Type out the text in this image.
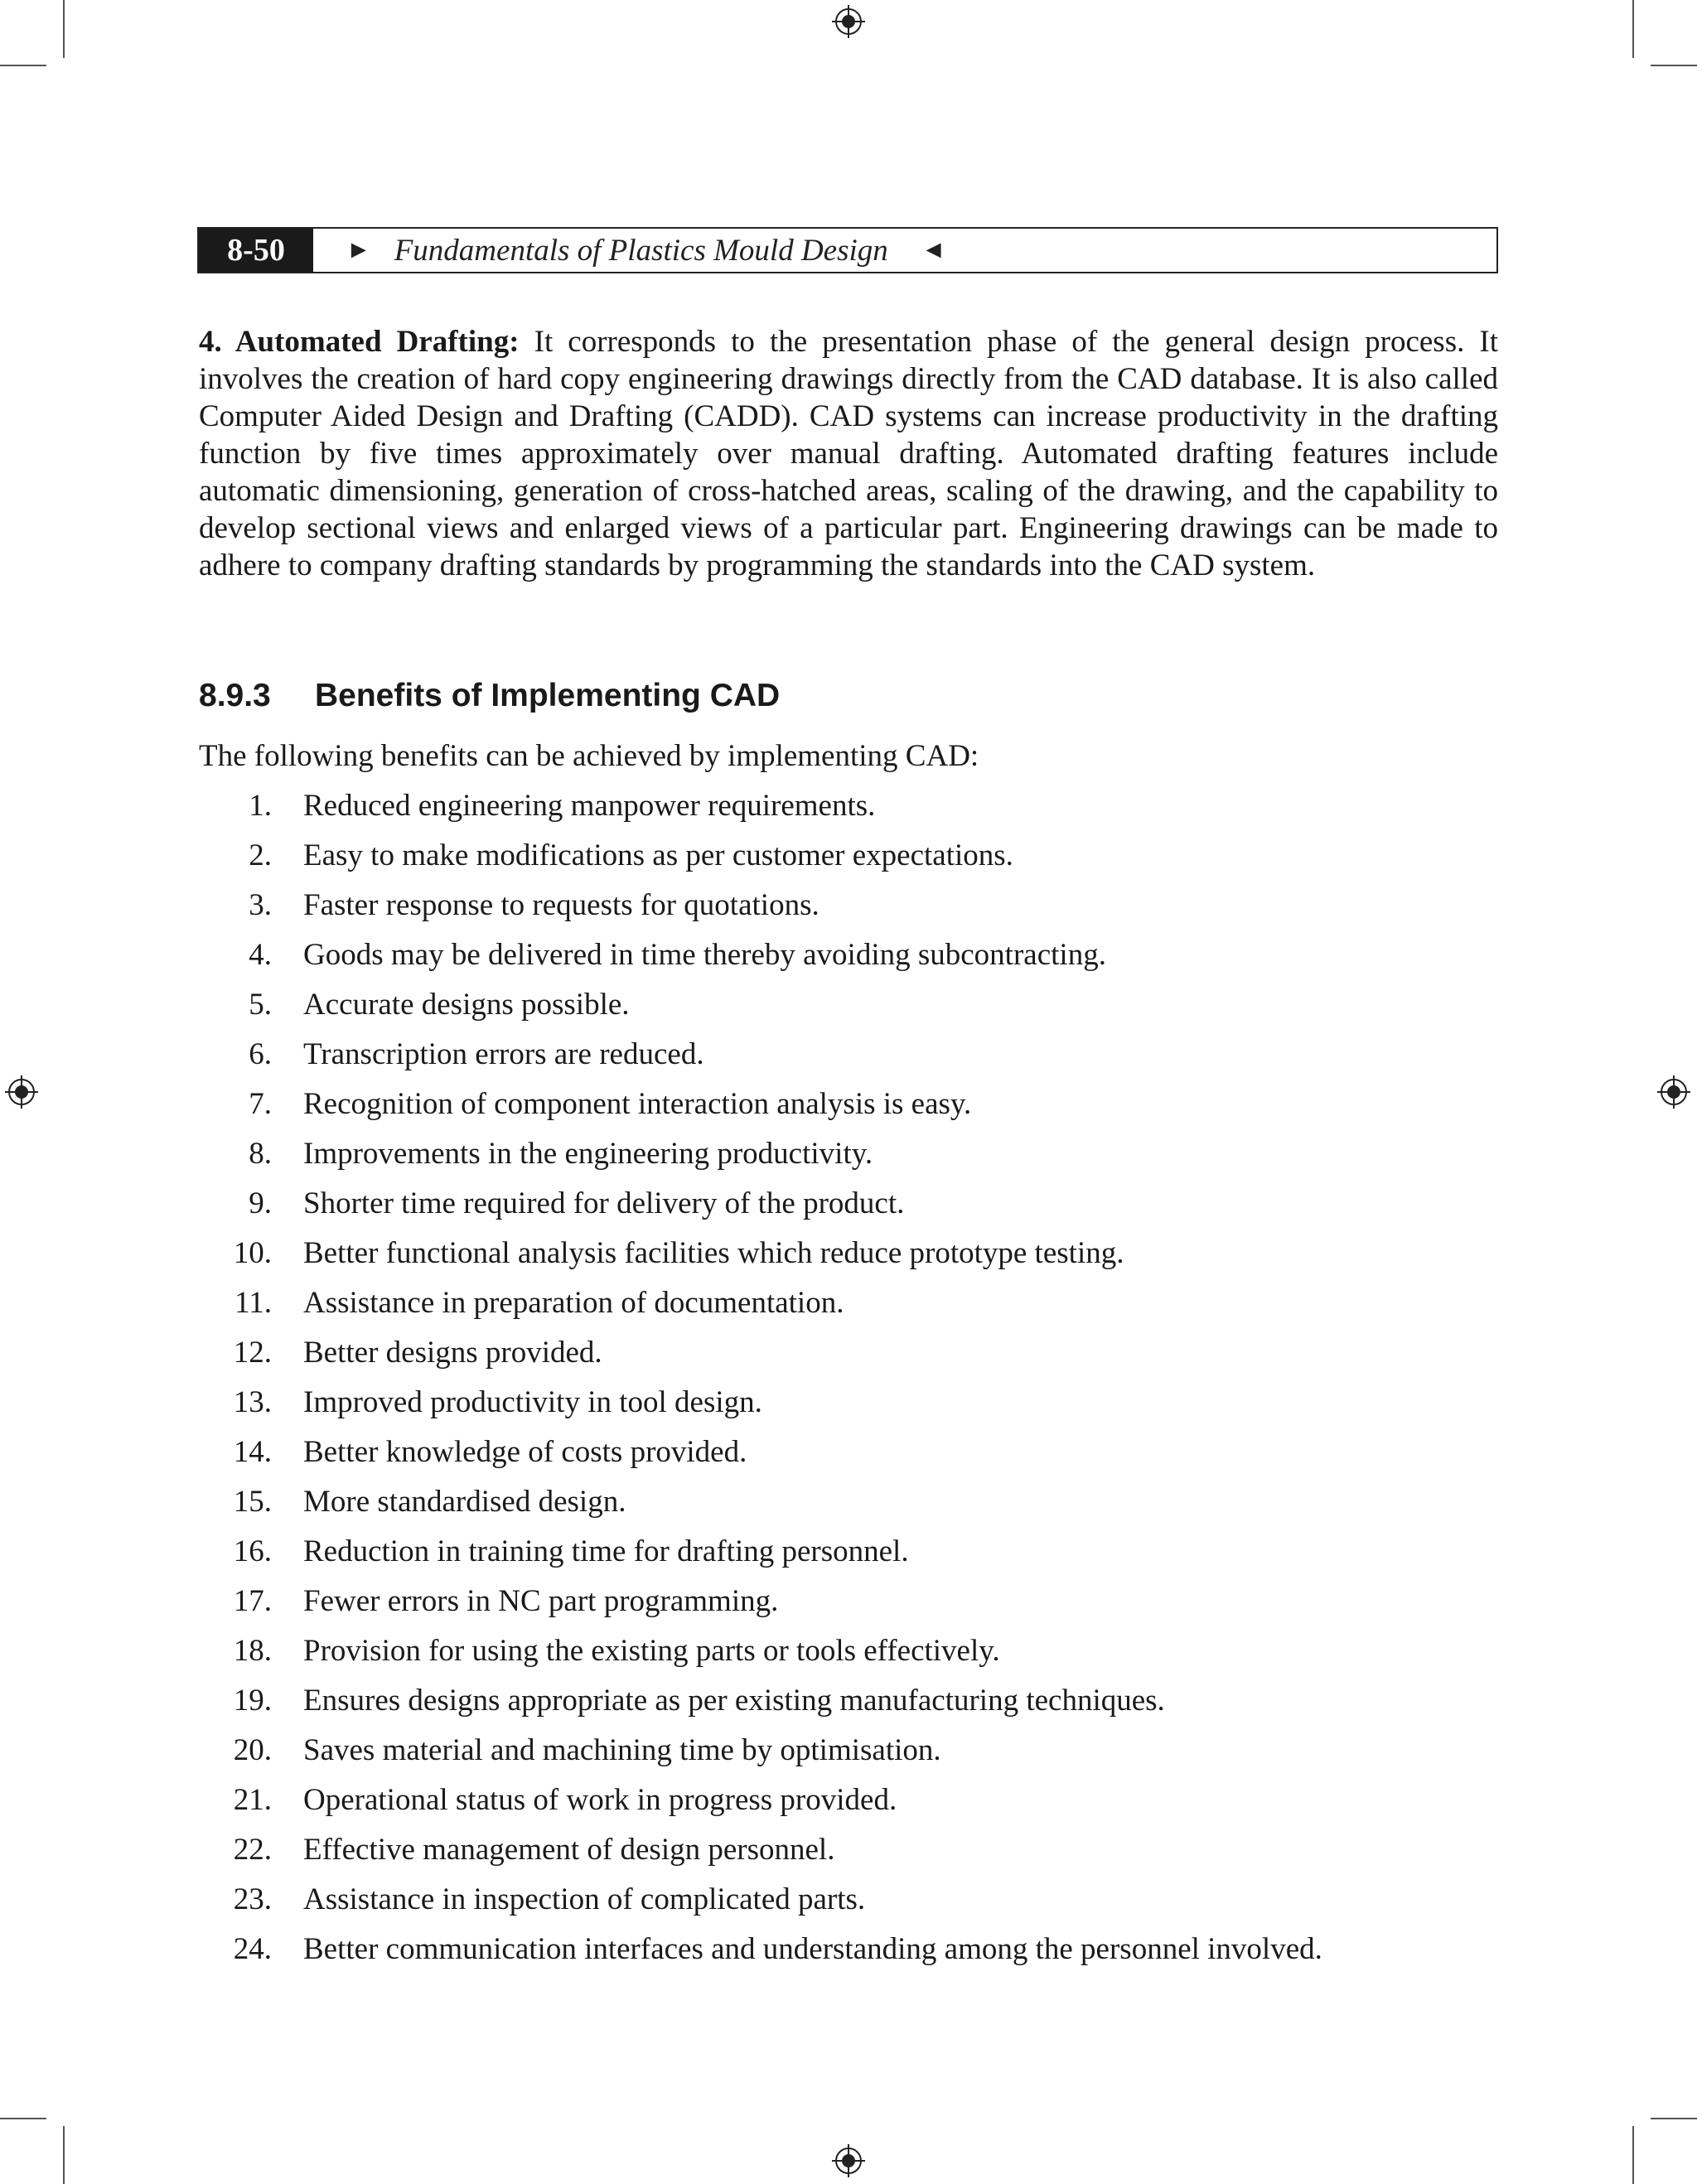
8-50	► Fundamentals of Plastics Mould Design ◄
4. Automated Drafting: It corresponds to the presentation phase of the general design process. It involves the creation of hard copy engineering drawings directly from the CAD database. It is also called Computer Aided Design and Drafting (CADD). CAD systems can increase productivity in the drafting function by five times approximately over manual drafting. Automated drafting features include automatic dimensioning, generation of cross-hatched areas, scaling of the drawing, and the capability to develop sectional views and enlarged views of a particular part. Engineering drawings can be made to adhere to company drafting standards by programming the standards into the CAD system.
8.9.3 Benefits of Implementing CAD
The following benefits can be achieved by implementing CAD:
1.	Reduced engineering manpower requirements.
2.	Easy to make modifications as per customer expectations.
3.	Faster response to requests for quotations.
4.	Goods may be delivered in time thereby avoiding subcontracting.
5.	Accurate designs possible.
6.	Transcription errors are reduced.
7.	Recognition of component interaction analysis is easy.
8.	Improvements in the engineering productivity.
9.	Shorter time required for delivery of the product.
10.	Better functional analysis facilities which reduce prototype testing.
11.	Assistance in preparation of documentation.
12.	Better designs provided.
13.	Improved productivity in tool design.
14.	Better knowledge of costs provided.
15.	More standardised design.
16.	Reduction in training time for drafting personnel.
17.	Fewer errors in NC part programming.
18.	Provision for using the existing parts or tools effectively.
19.	Ensures designs appropriate as per existing manufacturing techniques.
20.	Saves material and machining time by optimisation.
21.	Operational status of work in progress provided.
22.	Effective management of design personnel.
23.	Assistance in inspection of complicated parts.
24.	Better communication interfaces and understanding among the personnel involved.
